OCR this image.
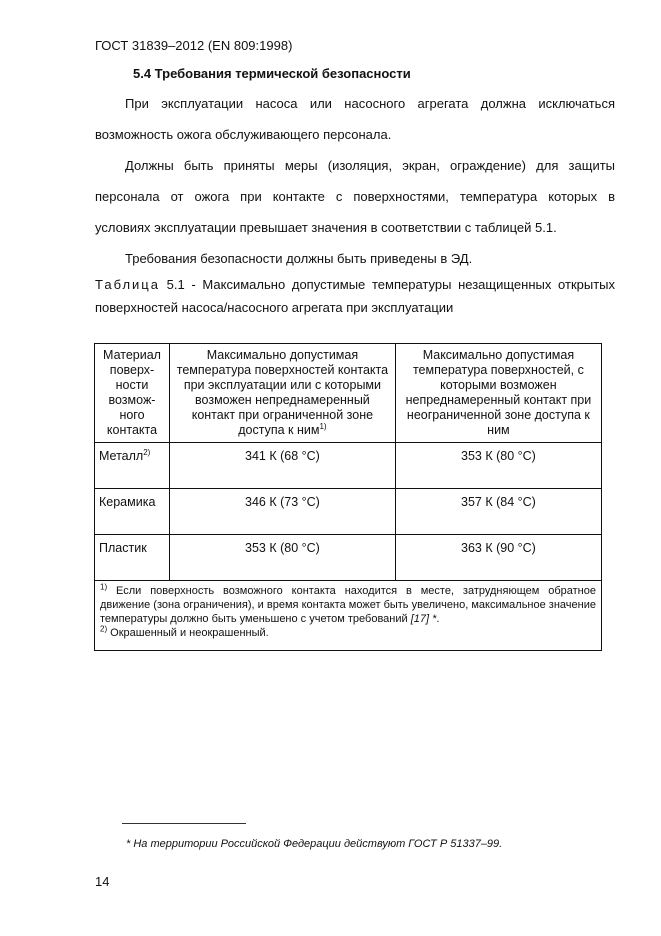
ГОСТ 31839–2012 (EN 809:1998)
5.4 Требования термической безопасности
При эксплуатации насоса или насосного агрегата должна исключаться
возможность ожога обслуживающего персонала.
Должны быть приняты меры (изоляция, экран, ограждение) для защиты
персонала от ожога при контакте с поверхностями, температура которых в
условиях эксплуатации превышает значения в соответствии с таблицей 5.1.
Требования безопасности должны быть приведены в ЭД.
Таблица 5.1 - Максимально допустимые температуры незащищенных открытых
поверхностей насоса/насосного агрегата при эксплуатации
Материал поверх-ности возмож-ного контакта	Максимально допустимая температура поверхностей контакта при эксплуатации или с которыми возможен непреднамеренный контакт при ограниченной зоне доступа к ним$^{1)}$	Максимально допустимая температура поверхностей, с которыми возможен непреднамеренный контакт при неограниченной зоне доступа к ним
Металл$^{2)}$	341 К (68 °С)	353 К (80 °С)
Керамика	346 К (73 °С)	357 К (84 °С)
Пластик	353 К (80 °С)	363 К (90 °С)

$^{1)}$ Если поверхность возможного контакта находится в месте, затрудняющем обратное движение (зона ограничения), и время контакта может быть увеличено, максимальное значение температуры должно быть уменьшено с учетом требований [17] *.
$^{2)}$ Окрашенный и неокрашенный.		
* На территории Российской Федерации действуют ГОСТ Р 51337–99.
14
